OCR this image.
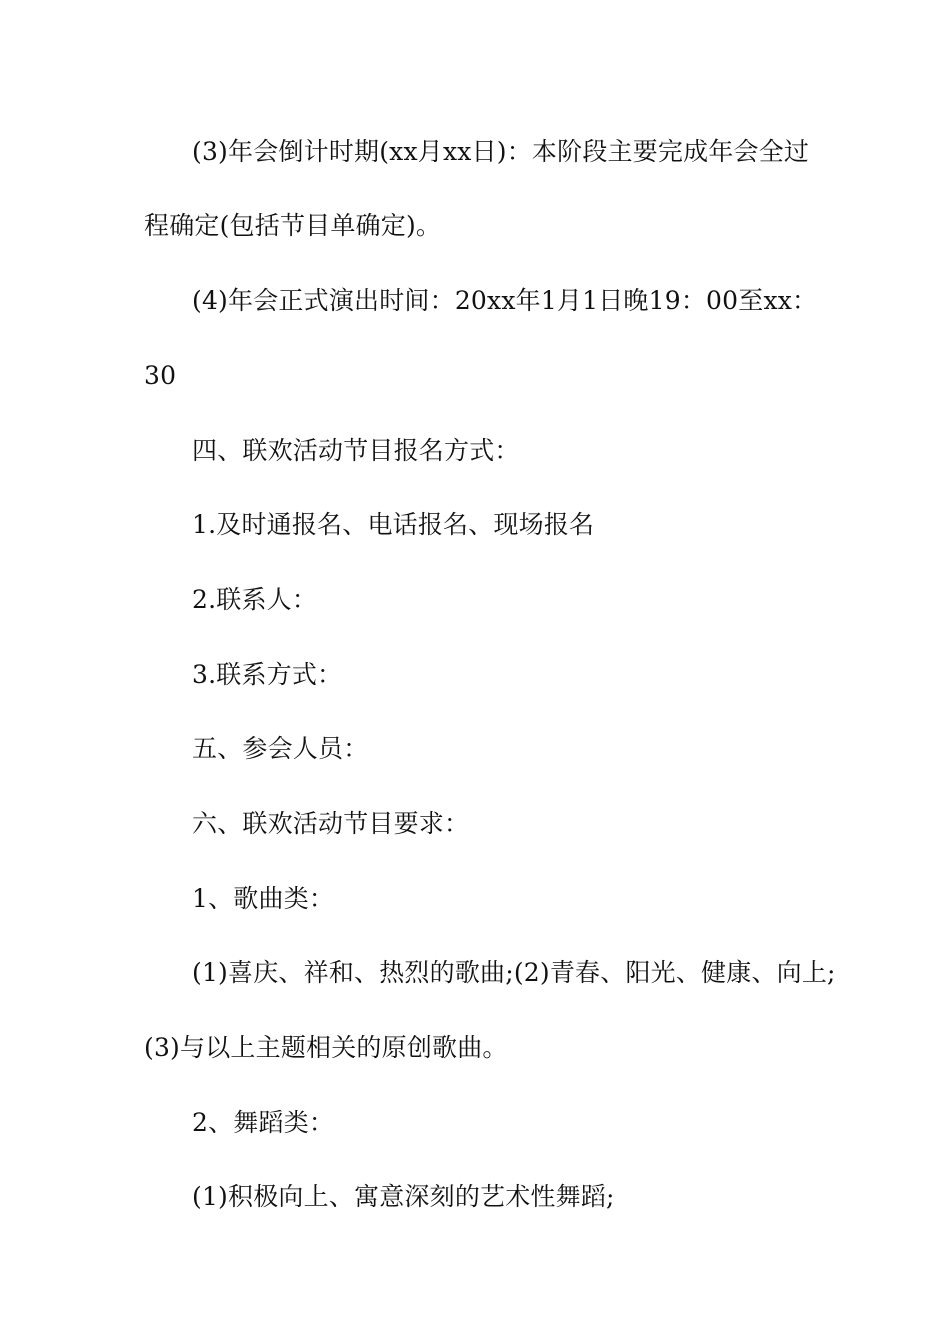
(3)年会倒计时期(xx月xx日)：本阶段主要完成年会全过
程确定(包括节目单确定)。
(4)年会正式演出时间：20xx年1月1日晚19：00至xx：
30
四、联欢活动节目报名方式：
1.及时通报名、电话报名、现场报名
2.联系人：
3.联系方式：
五、参会人员：
六、联欢活动节目要求：
1、歌曲类：
(1)喜庆、祥和、热烈的歌曲;(2)青春、阳光、健康、向上;
(3)与以上主题相关的原创歌曲。
2、舞蹈类：
(1)积极向上、寓意深刻的艺术性舞蹈;
